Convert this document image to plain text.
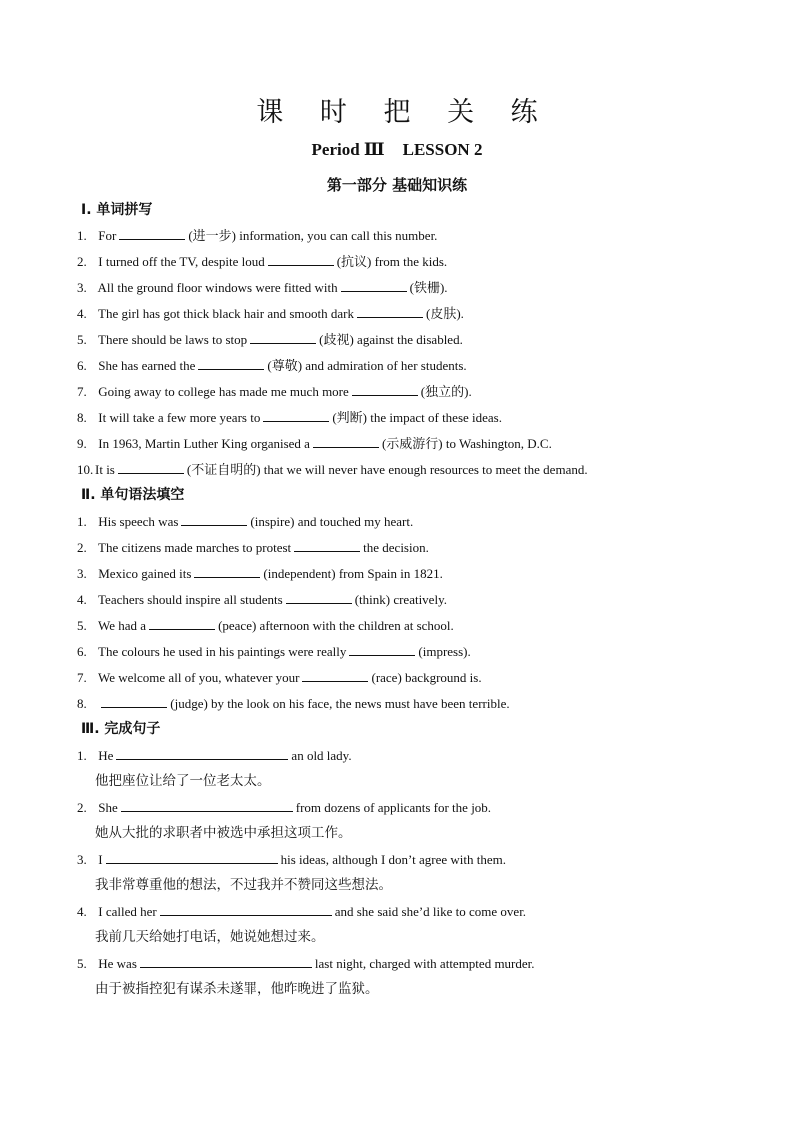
课 时 把 关 练
Period Ⅲ LESSON 2
第一部分 基础知识练
Ⅰ. 单词拼写
1. For	(进一步) information, you can call this number.
2. I turned off the TV, despite loud	(抗议) from the kids.
3. All the ground floor windows were fitted with	(铁栅).
4. The girl has got thick black hair and smooth dark	(皮肤).
5. There should be laws to stop	(歧视) against the disabled.
6. She has earned the	(尊敬) and admiration of her students.
7. Going away to college has made me much more	(独立的).
8. It will take a few more years to	(判断) the impact of these ideas.
9. In 1963, Martin Luther King organised a	(示威游行) to Washington, D.C.
10. It is	(不证自明的) that we will never have enough resources to meet the demand.
Ⅱ. 单句语法填空
1. His speech was	(inspire) and touched my heart.
2. The citizens made marches to protest	the decision.
3. Mexico gained its	(independent) from Spain in 1821.
4. Teachers should inspire all students	(think) creatively.
5. We had a	(peace) afternoon with the children at school.
6. The colours he used in his paintings were really	(impress).
7. We welcome all of you, whatever your	(race) background is.
8.	(judge) by the look on his face, the news must have been terrible.
Ⅲ. 完成句子
1. He	an old lady.
他把座位让给了一位老太太。
2. She	from dozens of applicants for the job.
她从大批的求职者中被选中承担这项工作。
3. I	his ideas, although I don’t agree with them.
我非常尊重他的想法，不过我并不赞同这些想法。
4. I called her	and she said she’d like to come over.
我前几天给她打电话，她说她想过来。
5. He was	last night, charged with attempted murder.
由于被指控犯有谋杀未遂罪，他昨晚进了监狱。
